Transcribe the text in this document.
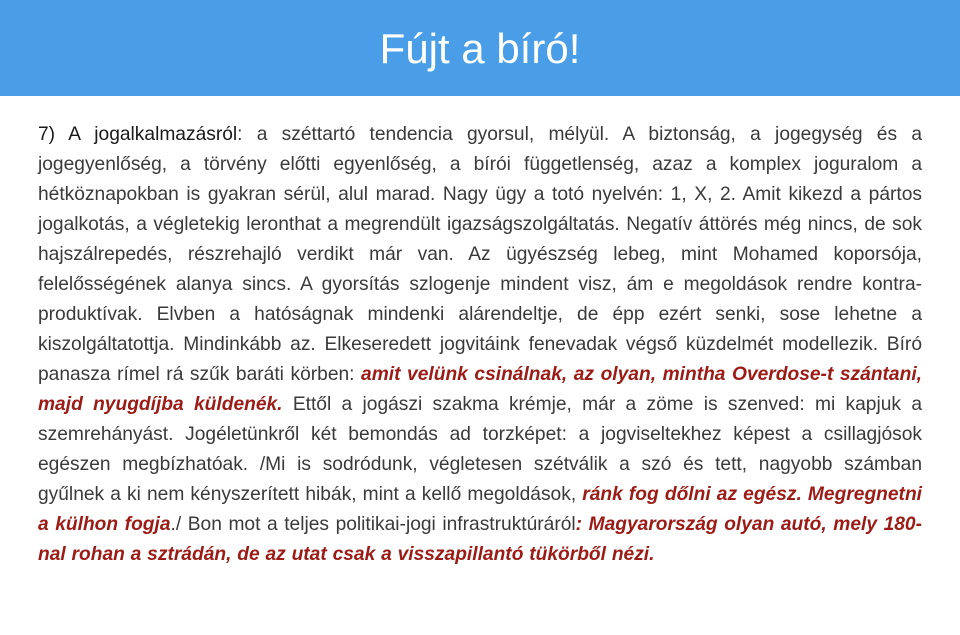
Fújt a bíró!
7) A jogalkalmazásról: a széttartó tendencia gyorsul, mélyül. A biztonság, a jogegység és a jogegyenlőség, a törvény előtti egyenlőség, a bírói függetlenség, azaz a komplex joguralom a hétköznapokban is gyakran sérül, alul marad. Nagy ügy a totó nyelvén: 1, X, 2. Amit kikezd a pártos jogalkotás, a végletekig leronthat a megrendült igazságszolgáltatás. Negatív áttörés még nincs, de sok hajszálrepedés, részrehajló verdikt már van. Az ügyészség lebeg, mint Mohamed koporsója, felelősségének alanya sincs. A gyorsítás szlogenje mindent visz, ám e megoldások rendre kontra-produktívak. Elvben a hatóságnak mindenki alárendeltje, de épp ezért senki, sose lehetne a kiszolgáltatottja. Mindinkább az. Elkeseredett jogvitáink fenevadak végső küzdelmét modellezik. Bíró panasza rímel rá szűk baráti körben: amit velünk csinálnak, az olyan, mintha Overdose-t szántani, majd nyugdíjba küldenék. Ettől a jogászi szakma krémje, már a zöme is szenved: mi kapjuk a szemrehányást. Jogéletünkről két bemondás ad torzképet: a jogviseltekhez képest a csillagjósok egészen megbízhatóak. /Mi is sodródunk, végletesen szétválik a szó és tett, nagyobb számban gyűlnek a ki nem kényszerített hibák, mint a kellő megoldások, ránk fog dőlni az egész. Megregnetni a külhon fogja./ Bon mot a teljes politikai-jogi infrastruktúráról: Magyarország olyan autó, mely 180-nal rohan a sztrádán, de az utat csak a visszapillantó tükörből nézi.
